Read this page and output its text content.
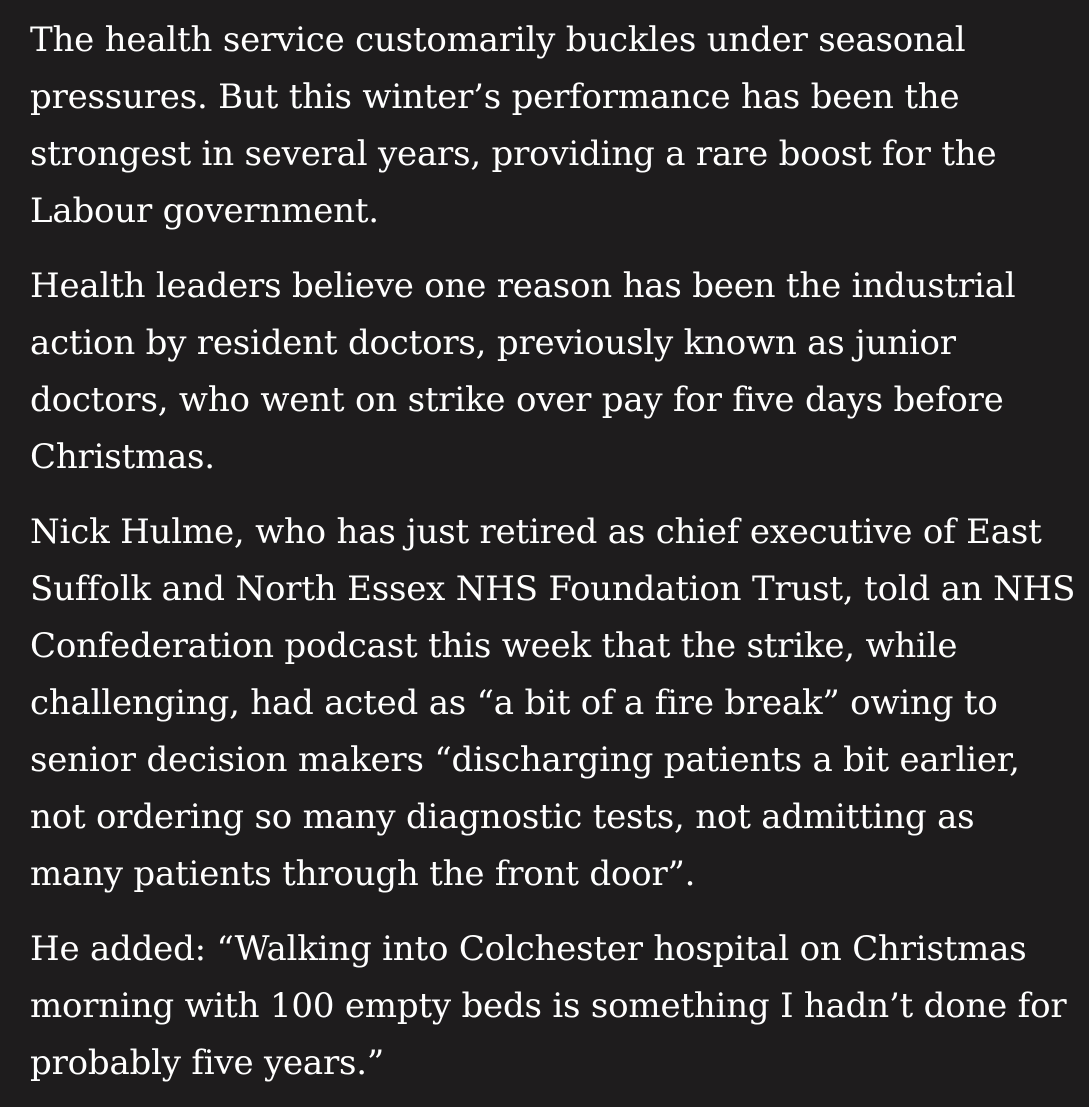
The health service customarily buckles under seasonal
pressures. But this winter’s performance has been the
strongest in several years, providing a rare boost for the
Labour government.

Health leaders believe one reason has been the industrial
action by resident doctors, previously known as junior
doctors, who went on strike over pay for five days before
Christmas.

Nick Hulme, who has just retired as chief executive of East
Suffolk and North Essex NHS Foundation Trust, told an NHS
Confederation podcast this week that the strike, while
challenging, had acted as “a bit of a fire break” owing to
senior decision makers “discharging patients a bit earlier,
not ordering so many diagnostic tests, not admitting as
many patients through the front door”.

He added: “Walking into Colchester hospital on Christmas
morning with 100 empty beds is something I hadn’t done for
probably five years.”
